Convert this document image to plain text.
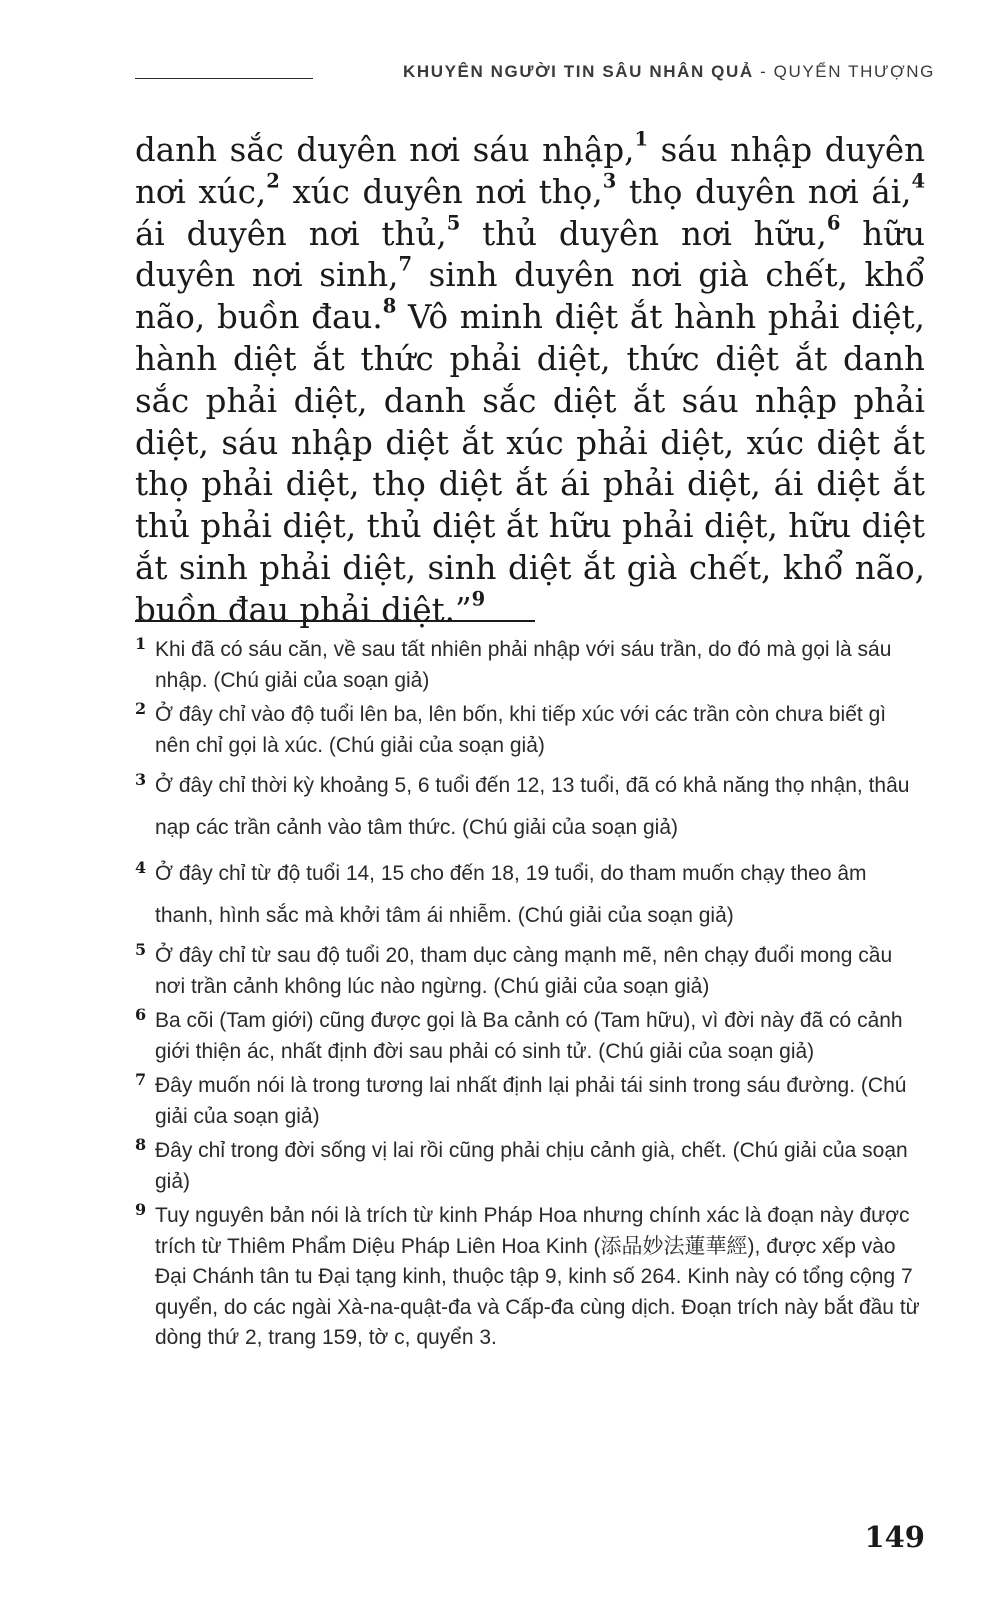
KHUYÊN NGƯỜI TIN SÂU NHÂN QUẢ - QUYỂN THƯỢNG
danh sắc duyên nơi sáu nhập,$^1$ sáu nhập duyên nơi xúc,$^2$ xúc duyên nơi thọ,$^3$ thọ duyên nơi ái,$^4$ ái duyên nơi thủ,$^5$ thủ duyên nơi hữu,$^6$ hữu duyên nơi sinh,$^7$ sinh duyên nơi già chết, khổ não, buồn đau.$^8$ Vô minh diệt ắt hành phải diệt, hành diệt ắt thức phải diệt, thức diệt ắt danh sắc phải diệt, danh sắc diệt ắt sáu nhập phải diệt, sáu nhập diệt ắt xúc phải diệt, xúc diệt ắt thọ phải diệt, thọ diệt ắt ái phải diệt, ái diệt ắt thủ phải diệt, thủ diệt ắt hữu phải diệt, hữu diệt ắt sinh phải diệt, sinh diệt ắt già chết, khổ não, buồn đau phải diệt.”$^9$
1 Khi đã có sáu căn, về sau tất nhiên phải nhập với sáu trần, do đó mà gọi là sáu nhập. (Chú giải của soạn giả)
2 Ở đây chỉ vào độ tuổi lên ba, lên bốn, khi tiếp xúc với các trần còn chưa biết gì nên chỉ gọi là xúc. (Chú giải của soạn giả)
3 Ở đây chỉ thời kỳ khoảng 5, 6 tuổi đến 12, 13 tuổi, đã có khả năng thọ nhận, thâu nạp các trần cảnh vào tâm thức. (Chú giải của soạn giả)
4 Ở đây chỉ từ độ tuổi 14, 15 cho đến 18, 19 tuổi, do tham muốn chạy theo âm thanh, hình sắc mà khởi tâm ái nhiễm. (Chú giải của soạn giả)
5 Ở đây chỉ từ sau độ tuổi 20, tham dục càng mạnh mẽ, nên chạy đuổi mong cầu nơi trần cảnh không lúc nào ngừng. (Chú giải của soạn giả)
6 Ba cõi (Tam giới) cũng được gọi là Ba cảnh có (Tam hữu), vì đời này đã có cảnh giới thiện ác, nhất định đời sau phải có sinh tử. (Chú giải của soạn giả)
7 Đây muốn nói là trong tương lai nhất định lại phải tái sinh trong sáu đường. (Chú giải của soạn giả)
8 Đây chỉ trong đời sống vị lai rồi cũng phải chịu cảnh già, chết. (Chú giải của soạn giả)
9 Tuy nguyên bản nói là trích từ kinh Pháp Hoa nhưng chính xác là đoạn này được trích từ Thiêm Phẩm Diệu Pháp Liên Hoa Kinh (添品妙法蓮華經), được xếp vào Đại Chánh tân tu Đại tạng kinh, thuộc tập 9, kinh số 264. Kinh này có tổng cộng 7 quyển, do các ngài Xà-na-quật-đa và Cấp-đa cùng dịch. Đoạn trích này bắt đầu từ dòng thứ 2, trang 159, tờ c, quyển 3.
149
